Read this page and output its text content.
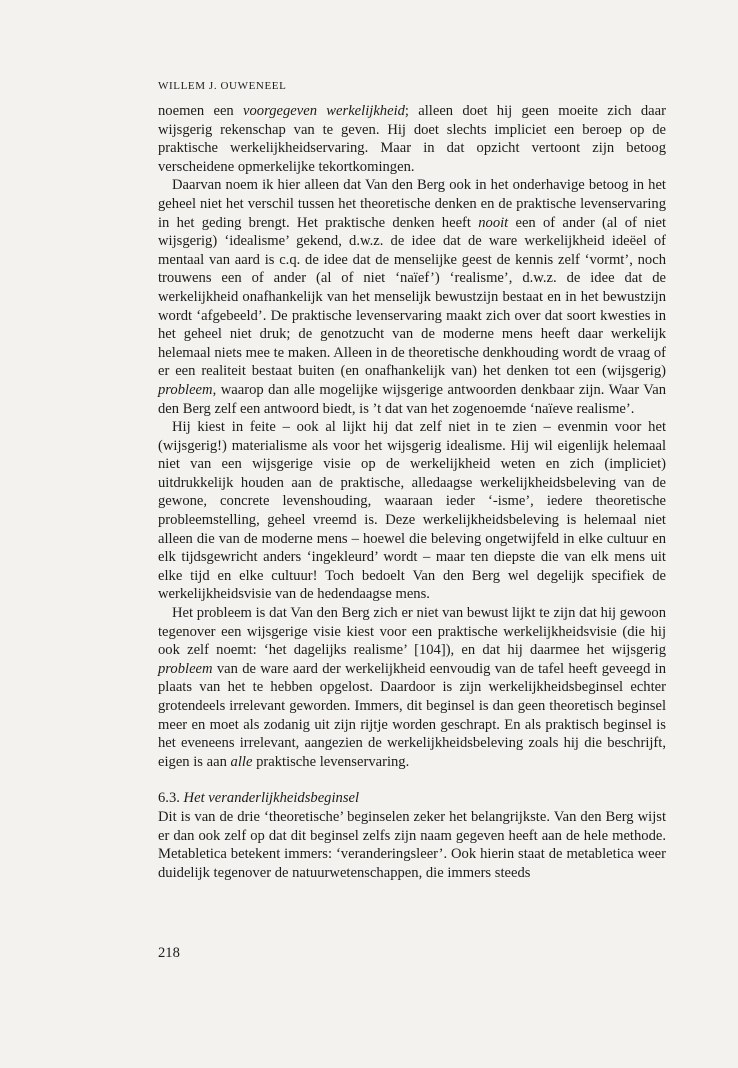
WILLEM J. OUWENEEL

noemen een voorgegeven werkelijkheid; alleen doet hij geen moeite zich daar wijsgerig rekenschap van te geven. Hij doet slechts impliciet een beroep op de praktische werkelijkheidservaring. Maar in dat opzicht vertoont zijn betoog verscheidene opmerkelijke tekortkomingen.

Daarvan noem ik hier alleen dat Van den Berg ook in het onderhavige betoog in het geheel niet het verschil tussen het theoretische denken en de praktische levenservaring in het geding brengt. Het praktische denken heeft nooit een of ander (al of niet wijsgerig) ‘idealisme’ gekend, d.w.z. de idee dat de ware werkelijkheid ideëel of mentaal van aard is c.q. de idee dat de menselijke geest de kennis zelf ‘vormt’, noch trouwens een of ander (al of niet ‘naïef’) ‘realisme’, d.w.z. de idee dat de werkelijkheid onafhankelijk van het menselijk bewustzijn bestaat en in het bewustzijn wordt ‘afgebeeld’. De praktische levenservaring maakt zich over dat soort kwesties in het geheel niet druk; de genotzucht van de moderne mens heeft daar werkelijk helemaal niets mee te maken. Alleen in de theoretische denkhouding wordt de vraag of er een realiteit bestaat buiten (en onafhankelijk van) het denken tot een (wijsgerig) probleem, waarop dan alle mogelijke wijsgerige antwoorden denkbaar zijn. Waar Van den Berg zelf een antwoord biedt, is ’t dat van het zogenoemde ‘naïeve realisme’.

Hij kiest in feite – ook al lijkt hij dat zelf niet in te zien – evenmin voor het (wijsgerig!) materialisme als voor het wijsgerig idealisme. Hij wil eigenlijk helemaal niet van een wijsgerige visie op de werkelijkheid weten en zich (impliciet) uitdrukkelijk houden aan de praktische, alledaagse werkelijkheidsbeleving van de gewone, concrete levenshouding, waaraan ieder ‘-isme’, iedere theoretische probleemstelling, geheel vreemd is. Deze werkelijkheidsbeleving is helemaal niet alleen die van de moderne mens – hoewel die beleving ongetwijfeld in elke cultuur en elk tijdsgewricht anders ‘ingekleurd’ wordt – maar ten diepste die van elk mens uit elke tijd en elke cultuur! Toch bedoelt Van den Berg wel degelijk specifiek de werkelijkheidsvisie van de hedendaagse mens.

Het probleem is dat Van den Berg zich er niet van bewust lijkt te zijn dat hij gewoon tegenover een wijsgerige visie kiest voor een praktische werkelijkheidsvisie (die hij ook zelf noemt: ‘het dagelijks realisme’ [104]), en dat hij daarmee het wijsgerig probleem van de ware aard der werkelijkheid eenvoudig van de tafel heeft geveegd in plaats van het te hebben opgelost. Daardoor is zijn werkelijkheidsbeginsel echter grotendeels irrelevant geworden. Immers, dit beginsel is dan geen theoretisch beginsel meer en moet als zodanig uit zijn rijtje worden geschrapt. En als praktisch beginsel is het eveneens irrelevant, aangezien de werkelijkheidsbeleving zoals hij die beschrijft, eigen is aan alle praktische levenservaring.

6.3. Het veranderlijkheidsbeginsel

Dit is van de drie ‘theoretische’ beginselen zeker het belangrijkste. Van den Berg wijst er dan ook zelf op dat dit beginsel zelfs zijn naam gegeven heeft aan de hele methode. Metabletica betekent immers: ‘veranderingsleer’. Ook hierin staat de metabletica weer duidelijk tegenover de natuurwetenschappen, die immers steeds

218
